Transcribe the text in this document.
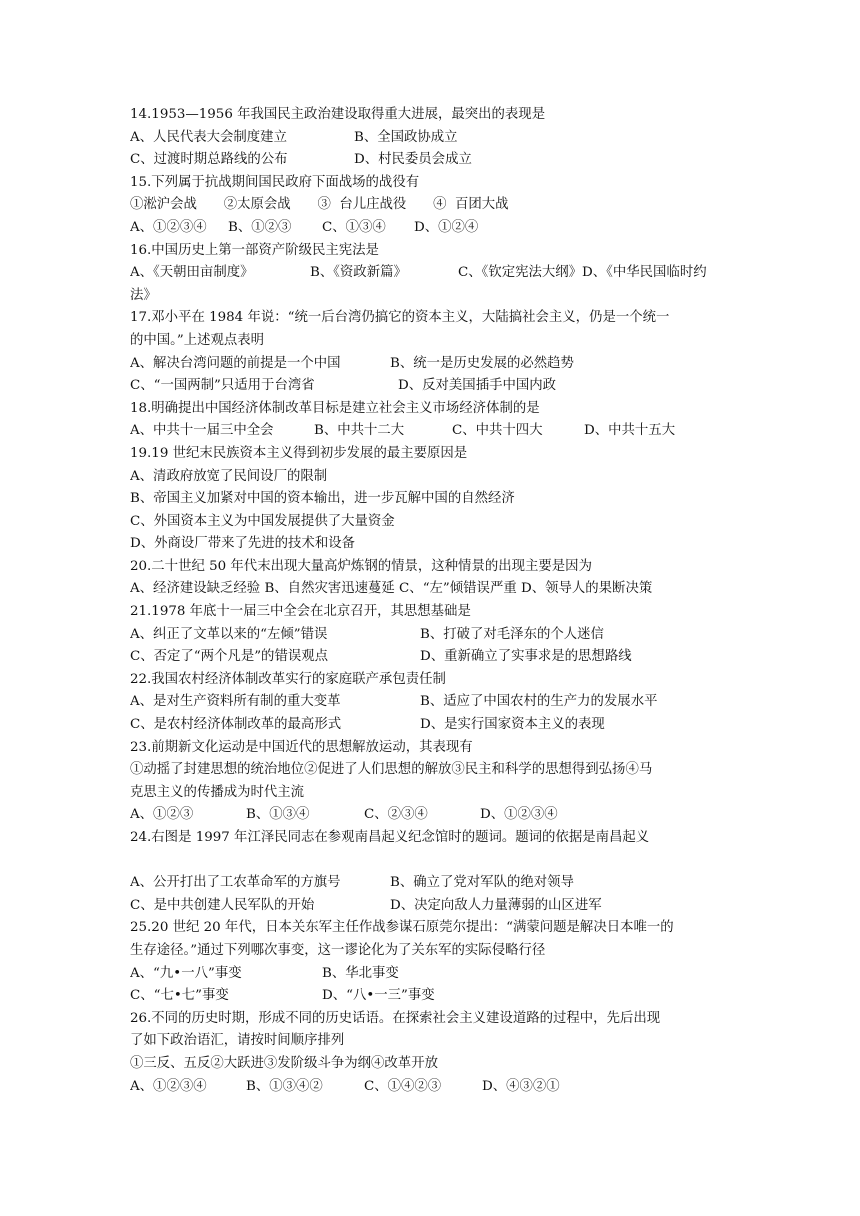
14.1953—1956 年我国民主政治建设取得重大进展，最突出的表现是
A、人民代表大会制度建立	B、全国政协成立
C、过渡时期总路线的公布	D、村民委员会成立
15.下列属于抗战期间国民政府下面战场的战役有
①淞沪会战　　②太原会战　　③  台儿庄战役　　④  百团大战
A、①②③④	B、①②③	C、①③④	D、①②④
16.中国历史上第一部资产阶级民主宪法是
A、《天朝田亩制度》	B、《资政新篇》	C、《钦定宪法大纲》D、《中华民国临时约
法》
17.邓小平在 1984 年说：“统一后台湾仍搞它的资本主义，大陆搞社会主义，仍是一个统一
的中国。”上述观点表明
A、解决台湾问题的前提是一个中国	B、统一是历史发展的必然趋势
C、“一国两制”只适用于台湾省	D、反对美国插手中国内政
18.明确提出中国经济体制改革目标是建立社会主义市场经济体制的是
A、中共十一届三中全会	B、中共十二大	C、中共十四大	D、中共十五大
19.19 世纪末民族资本主义得到初步发展的最主要原因是
A、清政府放宽了民间设厂的限制
B、帝国主义加紧对中国的资本输出，进一步瓦解中国的自然经济
C、外国资本主义为中国发展提供了大量资金
D、外商设厂带来了先进的技术和设备
20.二十世纪 50 年代末出现大量高炉炼钢的情景，这种情景的出现主要是因为
A、经济建设缺乏经验 B、自然灾害迅速蔓延 C、“左”倾错误严重 D、领导人的果断决策
21.1978 年底十一届三中全会在北京召开，其思想基础是
A、纠正了文革以来的“左倾”错误	B、打破了对毛泽东的个人迷信
C、否定了“两个凡是”的错误观点	D、重新确立了实事求是的思想路线
22.我国农村经济体制改革实行的家庭联产承包责任制
A、是对生产资料所有制的重大变革	B、适应了中国农村的生产力的发展水平
C、是农村经济体制改革的最高形式	D、是实行国家资本主义的表现
23.前期新文化运动是中国近代的思想解放运动，其表现有
①动摇了封建思想的统治地位②促进了人们思想的解放③民主和科学的思想得到弘扬④马
克思主义的传播成为时代主流
A、①②③	B、①③④	C、②③④	D、①②③④
24.右图是 1997 年江泽民同志在参观南昌起义纪念馆时的题词。题词的依据是南昌起义
A、公开打出了工农革命军的方旗号	B、确立了党对军队的绝对领导
C、是中共创建人民军队的开始	D、决定向敌人力量薄弱的山区进军
25.20 世纪 20 年代，日本关东军主任作战参谋石原莞尔提出：“满蒙问题是解决日本唯一的
生存途径。”通过下列哪次事变，这一谬论化为了关东军的实际侵略行径
A、“九•一八”事变	B、华北事变
C、“七•七”事变	D、“八•一三”事变
26.不同的历史时期，形成不同的历史话语。在探索社会主义建设道路的过程中，先后出现
了如下政治语汇，请按时间顺序排列
①三反、五反②大跃进③发阶级斗争为纲④改革开放
A、①②③④	B、①③④②	C、①④②③	D、④③②①
